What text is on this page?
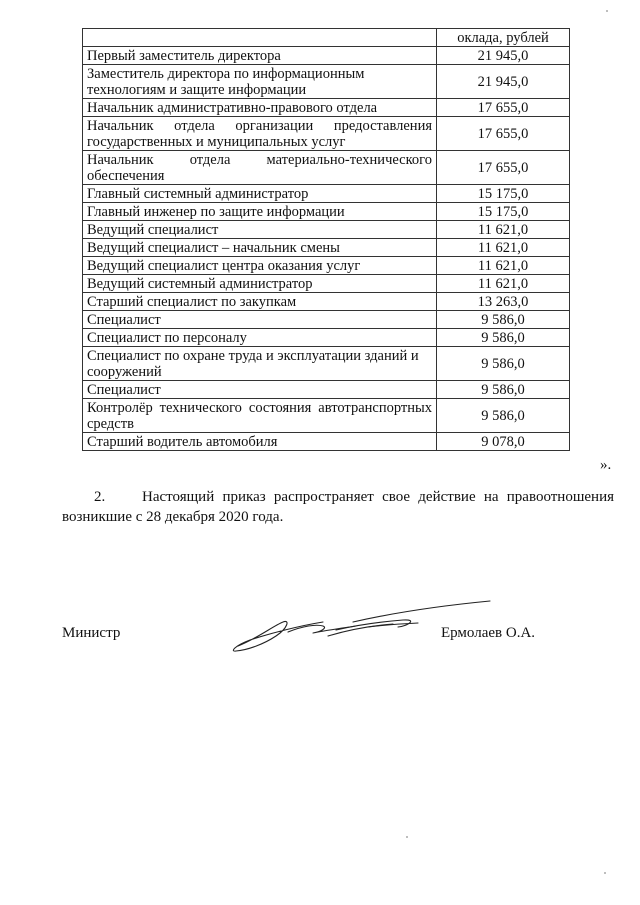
	оклада, рублей
Первый заместитель директора	21 945,0
Заместитель директора по информационным технологиям и защите информации	21 945,0
Начальник административно-правового отдела	17 655,0
Начальник отдела организации предоставления государственных и муниципальных услуг	17 655,0
Начальник отдела материально-технического обеспечения	17 655,0
Главный системный администратор	15 175,0
Главный инженер по защите информации	15 175,0
Ведущий специалист	11 621,0
Ведущий специалист – начальник смены	11 621,0
Ведущий специалист центра оказания услуг	11 621,0
Ведущий системный администратор	11 621,0
Старший специалист по закупкам	13 263,0
Специалист	9 586,0
Специалист по персоналу	9 586,0
Специалист по охране труда и эксплуатации зданий и сооружений	9 586,0
Специалист	9 586,0
Контролёр технического состояния автотранспортных средств	9 586,0
Старший водитель автомобиля	9 078,0
».
2. Настоящий приказ распространяет свое действие на правоотношения
возникшие с 28 декабря 2020 года.
Министр	Ермолаев О.А.
